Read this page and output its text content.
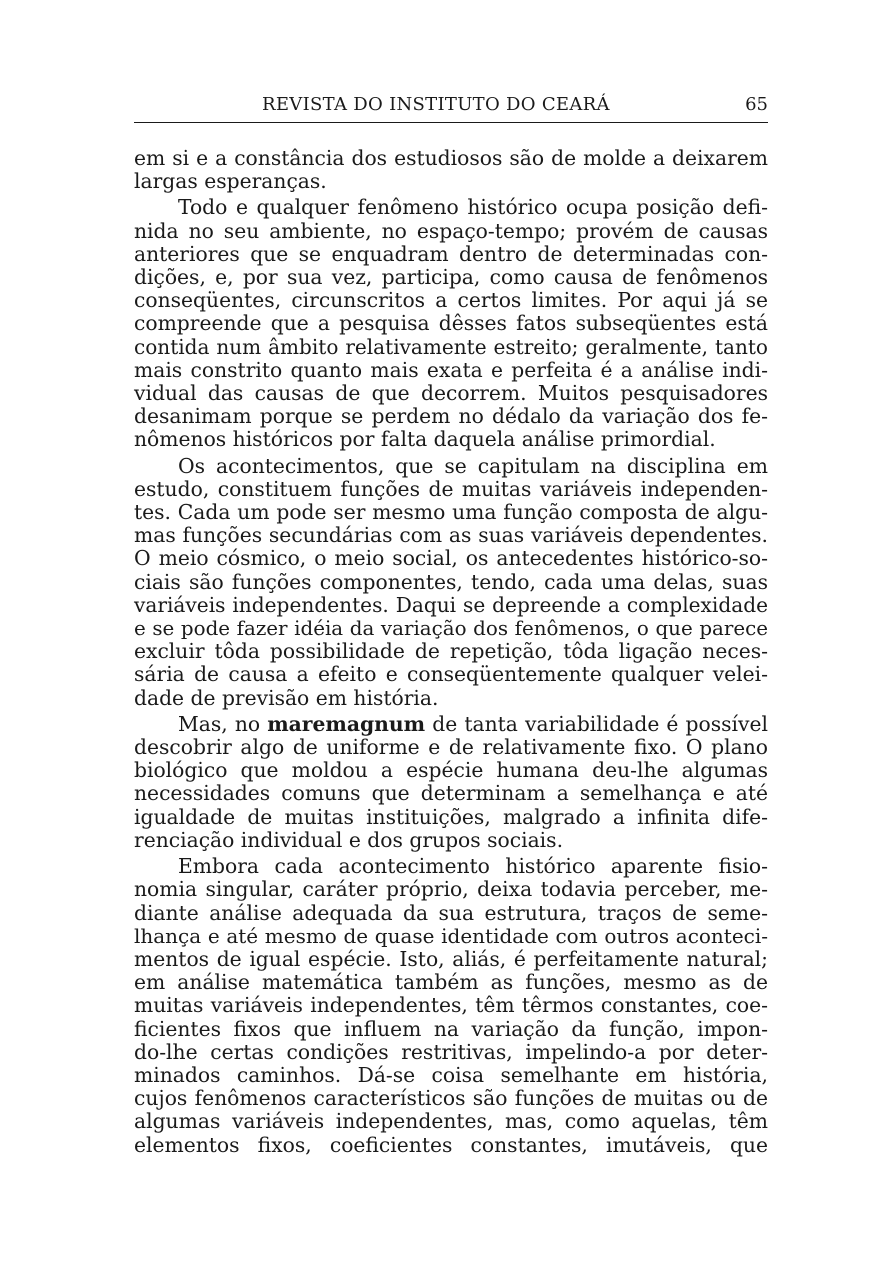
REVISTA DO INSTITUTO DO CEARÁ	65

em si e a constância dos estudiosos são de molde a deixarem
largas esperanças.

Todo e qualquer fenômeno histórico ocupa posição defi-
nida no seu ambiente, no espaço-tempo; provém de causas
anteriores que se enquadram dentro de determinadas con-
dições, e, por sua vez, participa, como causa de fenômenos
conseqüentes, circunscritos a certos limites. Por aqui já se
compreende que a pesquisa dêsses fatos subseqüentes está
contida num âmbito relativamente estreito; geralmente, tanto
mais constrito quanto mais exata e perfeita é a análise indi-
vidual das causas de que decorrem. Muitos pesquisadores
desanimam porque se perdem no dédalo da variação dos fe-
nômenos históricos por falta daquela análise primordial.

Os acontecimentos, que se capitulam na disciplina em
estudo, constituem funções de muitas variáveis independen-
tes. Cada um pode ser mesmo uma função composta de algu-
mas funções secundárias com as suas variáveis dependentes.
O meio cósmico, o meio social, os antecedentes histórico-so-
ciais são funções componentes, tendo, cada uma delas, suas
variáveis independentes. Daqui se depreende a complexidade
e se pode fazer idéia da variação dos fenômenos, o que parece
excluir tôda possibilidade de repetição, tôda ligação neces-
sária de causa a efeito e conseqüentemente qualquer velei-
dade de previsão em história.

Mas, no maremagnum de tanta variabilidade é possível
descobrir algo de uniforme e de relativamente fixo. O plano
biológico que moldou a espécie humana deu-lhe algumas
necessidades comuns que determinam a semelhança e até
igualdade de muitas instituições, malgrado a infinita dife-
renciação individual e dos grupos sociais.

Embora cada acontecimento histórico aparente fisio-
nomia singular, caráter próprio, deixa todavia perceber, me-
diante análise adequada da sua estrutura, traços de seme-
lhança e até mesmo de quase identidade com outros aconteci-
mentos de igual espécie. Isto, aliás, é perfeitamente natural;
em análise matemática também as funções, mesmo as de
muitas variáveis independentes, têm têrmos constantes, coe-
ficientes fixos que influem na variação da função, impon-
do-lhe certas condições restritivas, impelindo-a por deter-
minados caminhos. Dá-se coisa semelhante em história,
cujos fenômenos característicos são funções de muitas ou de
algumas variáveis independentes, mas, como aquelas, têm
elementos fixos, coeficientes constantes, imutáveis, que
